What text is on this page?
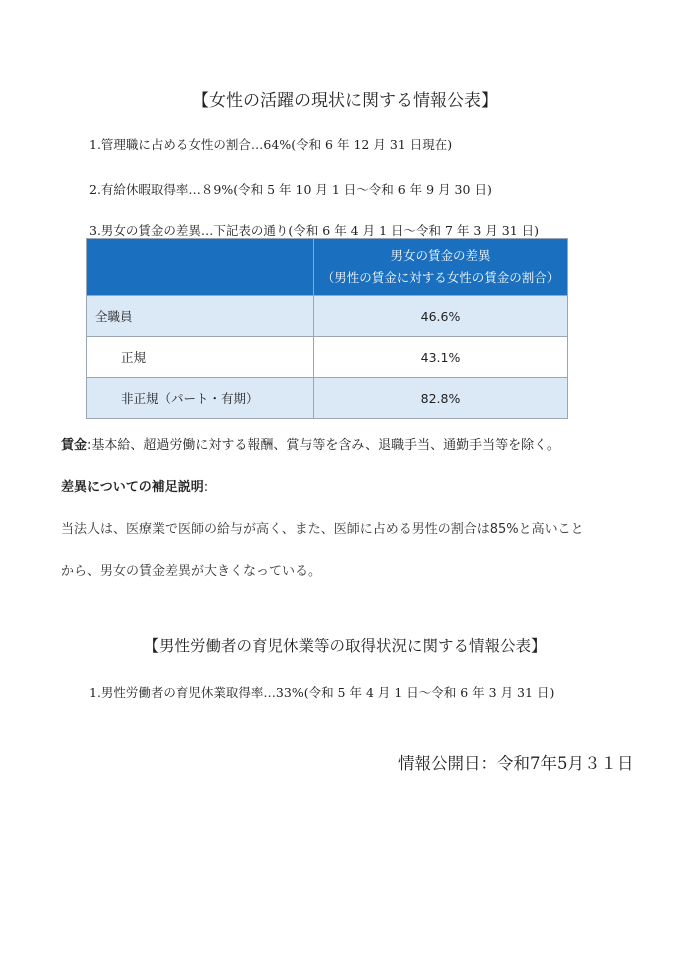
【女性の活躍の現状に関する情報公表】
1.管理職に占める女性の割合…64%(令和 6 年 12 月 31 日現在)
2.有給休暇取得率…８9%(令和 5 年 10 月 1 日〜令和 6 年 9 月 30 日)
3.男女の賃金の差異…下記表の通り(令和 6 年 4 月 1 日〜令和 7 年 3 月 31 日)

	男女の賃金の差異
（男性の賃金に対する女性の賃金の割合）

全職員	46.6%
正規	43.1%
非正規（パート・有期）	82.8%
賃金:基本給、超過労働に対する報酬、賞与等を含み、退職手当、通勤手当等を除く。
差異についての補足説明:
当法人は、医療業で医師の給与が高く、また、医師に占める男性の割合は85%と高いこと
から、男女の賃金差異が大きくなっている。
【男性労働者の育児休業等の取得状況に関する情報公表】
1.男性労働者の育児休業取得率…33%(令和 5 年 4 月 1 日〜令和 6 年 3 月 31 日)
情報公開日：令和7年5月３１日
